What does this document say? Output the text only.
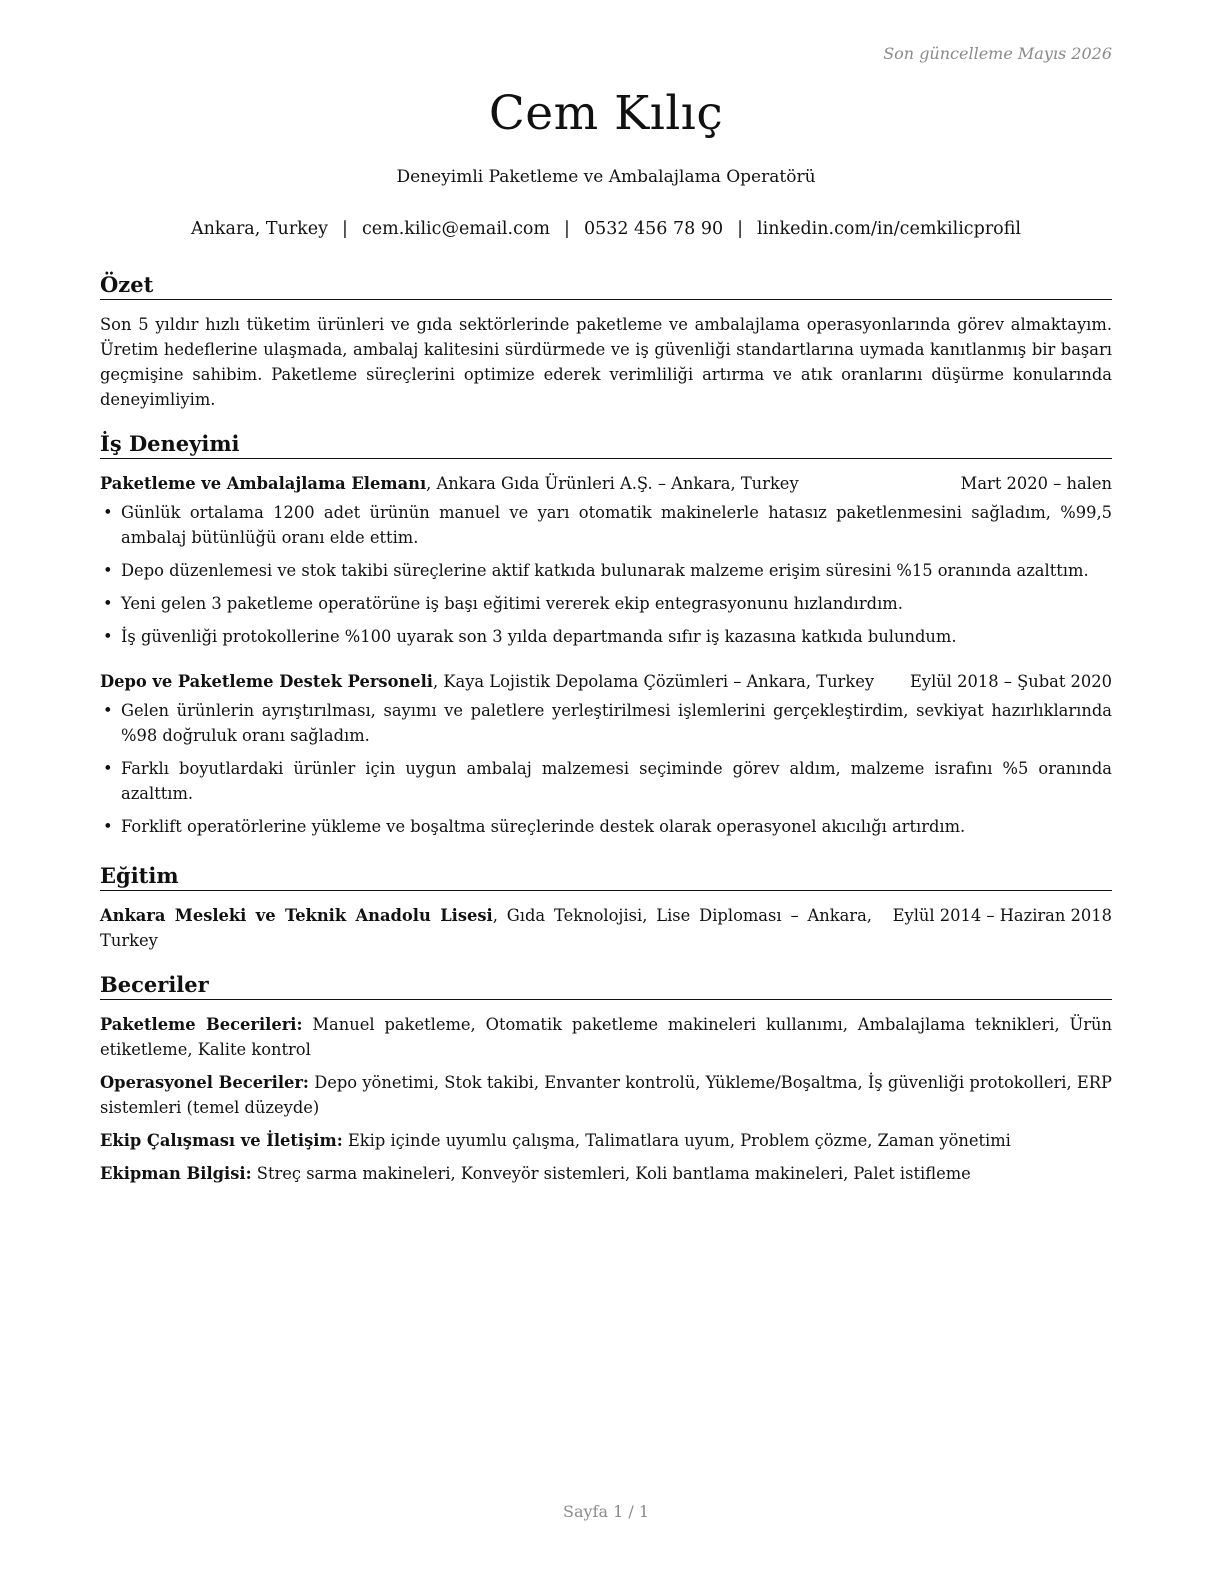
Son güncelleme Mayıs 2026
Cem Kılıç
Deneyimli Paketleme ve Ambalajlama Operatörü
Ankara, Turkey | cem.kilic@email.com | 0532 456 78 90 | linkedin.com/in/cemkilicprofil
Özet

Son 5 yıldır hızlı tüketim ürünleri ve gıda sektörlerinde paketleme ve ambalajlama operasyonlarında görev almaktayım. Üretim hedeflerine ulaşmada, ambalaj kalitesini sürdürmede ve iş güvenliği standartlarına uymada kanıtlanmış bir başarı geçmişine sahibim. Paketleme süreçlerini optimize ederek verimliliği artırma ve atık oranlarını düşürme konularında deneyimliyim.

İş Deneyimi
Paketleme ve Ambalajlama Elemanı, Ankara Gıda Ürünleri A.Ş. – Ankara, Turkey	Mart 2020 – halen
• Günlük ortalama 1200 adet ürünün manuel ve yarı otomatik makinelerle hatasız paketlenmesini sağladım, %99,5 ambalaj bütünlüğü oranı elde ettim.
• Depo düzenlemesi ve stok takibi süreçlerine aktif katkıda bulunarak malzeme erişim süresini %15 oranında azalttım.
• Yeni gelen 3 paketleme operatörüne iş başı eğitimi vererek ekip entegrasyonunu hızlandırdım.
• İş güvenliği protokollerine %100 uyarak son 3 yılda departmanda sıfır iş kazasına katkıda bulundum.
Depo ve Paketleme Destek Personeli, Kaya Lojistik Depolama Çözümleri – Ankara, Turkey Eylül 2018 – Şubat 2020
• Gelen ürünlerin ayrıştırılması, sayımı ve paletlere yerleştirilmesi işlemlerini gerçekleştirdim, sevkiyat hazırlıklarında %98 doğruluk oranı sağladım.
• Farklı boyutlardaki ürünler için uygun ambalaj malzemesi seçiminde görev aldım, malzeme israfını %5 oranında azalttım.
• Forklift operatörlerine yükleme ve boşaltma süreçlerinde destek olarak operasyonel akıcılığı artırdım.
Eğitim
Ankara Mesleki ve Teknik Anadolu Lisesi, Gıda Teknolojisi, Lise Diploması – Ankara, Turkey
Eylül 2014 – Haziran 2018
Beceriler

Paketleme Becerileri: Manuel paketleme, Otomatik paketleme makineleri kullanımı, Ambalajlama teknikleri, Ürün etiketleme, Kalite kontrol

Operasyonel Beceriler: Depo yönetimi, Stok takibi, Envanter kontrolü, Yükleme/Boşaltma, İş güvenliği protokolleri, ERP sistemleri (temel düzeyde)

Ekip Çalışması ve İletişim: Ekip içinde uyumlu çalışma, Talimatlara uyum, Problem çözme, Zaman yönetimi

Ekipman Bilgisi: Streç sarma makineleri, Konveyör sistemleri, Koli bantlama makineleri, Palet istifleme

Sayfa 1 / 1
